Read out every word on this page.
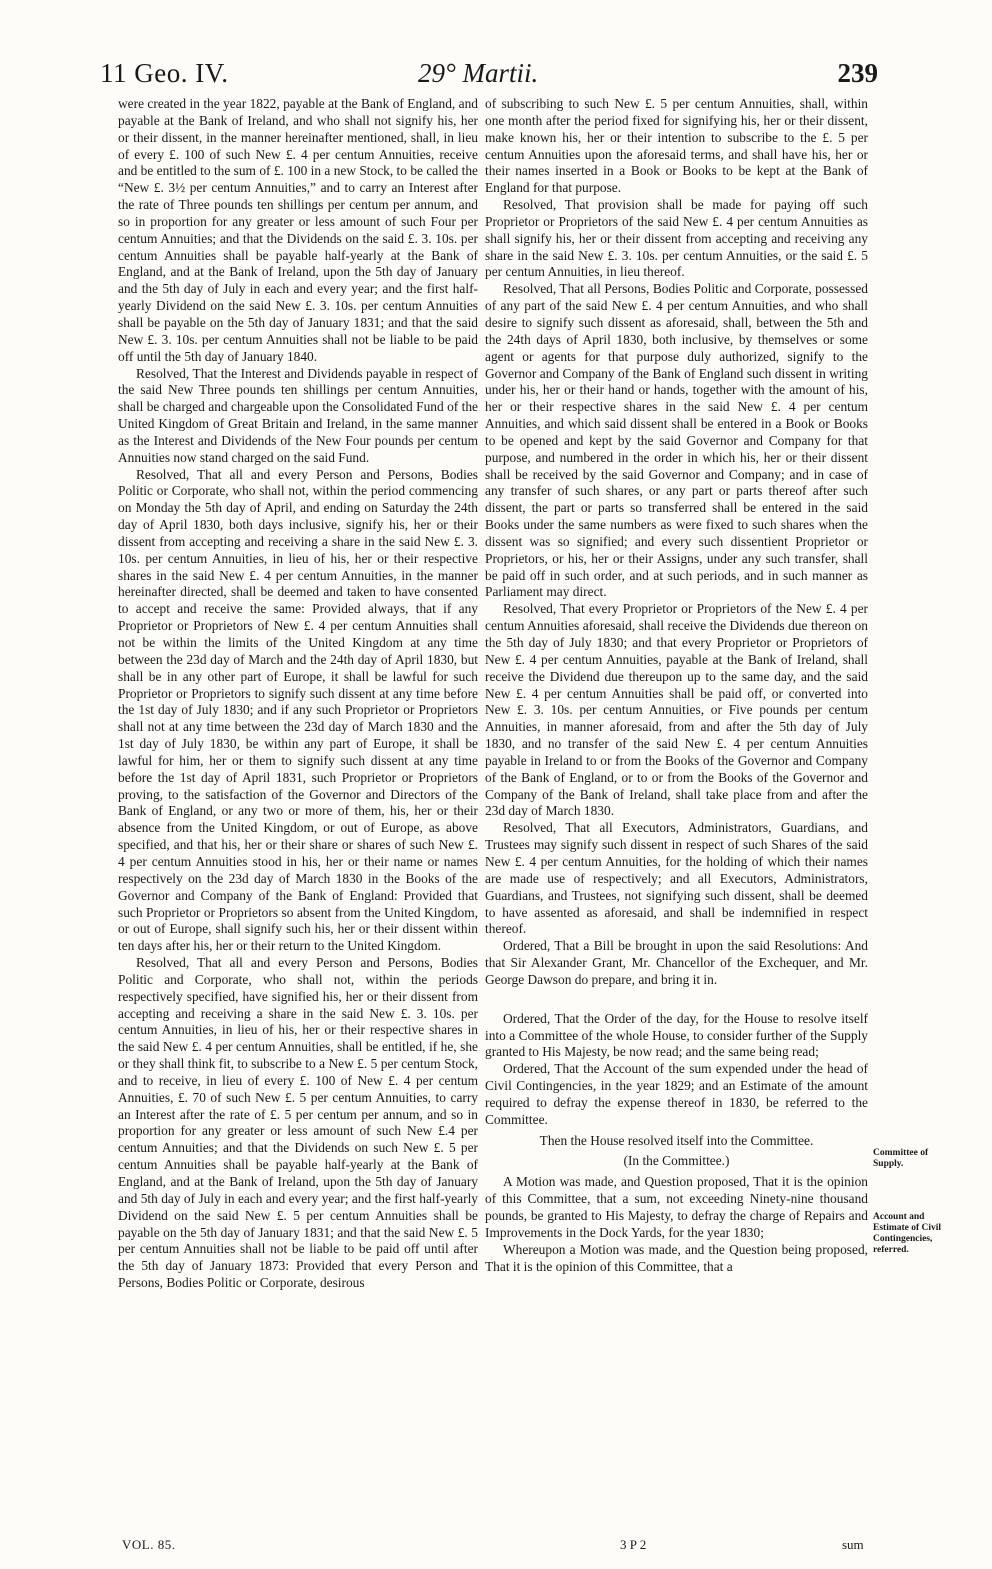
11 Geo. IV.	29° Martii.	239

were created in the year 1822, payable at the Bank of England, and payable at the Bank of Ireland, and who shall not signify his, her or their dissent, in the manner hereinafter mentioned, shall, in lieu of every £. 100 of such New £. 4 per centum Annuities, receive and be entitled to the sum of £. 100 in a new Stock, to be called the “New £. 3½ per centum Annuities,” and to carry an Interest after the rate of Three pounds ten shillings per centum per annum, and so in proportion for any greater or less amount of such Four per centum Annuities; and that the Dividends on the said £. 3. 10s. per centum Annuities shall be payable half-yearly at the Bank of England, and at the Bank of Ireland, upon the 5th day of January and the 5th day of July in each and every year; and the first half-yearly Dividend on the said New £. 3. 10s. per centum Annuities shall be payable on the 5th day of January 1831; and that the said New £. 3. 10s. per centum Annuities shall not be liable to be paid off until the 5th day of January 1840.

Resolved, That the Interest and Dividends payable in respect of the said New Three pounds ten shillings per centum Annuities, shall be charged and chargeable upon the Consolidated Fund of the United Kingdom of Great Britain and Ireland, in the same manner as the Interest and Dividends of the New Four pounds per centum Annuities now stand charged on the said Fund.

Resolved, That all and every Person and Persons, Bodies Politic or Corporate, who shall not, within the period commencing on Monday the 5th day of April, and ending on Saturday the 24th day of April 1830, both days inclusive, signify his, her or their dissent from accepting and receiving a share in the said New £. 3. 10s. per centum Annuities, in lieu of his, her or their respective shares in the said New £. 4 per centum Annuities, in the manner hereinafter directed, shall be deemed and taken to have consented to accept and receive the same: Provided always, that if any Proprietor or Proprietors of New £. 4 per centum Annuities shall not be within the limits of the United Kingdom at any time between the 23d day of March and the 24th day of April 1830, but shall be in any other part of Europe, it shall be lawful for such Proprietor or Proprietors to signify such dissent at any time before the 1st day of July 1830; and if any such Proprietor or Proprietors shall not at any time between the 23d day of March 1830 and the 1st day of July 1830, be within any part of Europe, it shall be lawful for him, her or them to signify such dissent at any time before the 1st day of April 1831, such Proprietor or Proprietors proving, to the satisfaction of the Governor and Directors of the Bank of England, or any two or more of them, his, her or their absence from the United Kingdom, or out of Europe, as above specified, and that his, her or their share or shares of such New £. 4 per centum Annuities stood in his, her or their name or names respectively on the 23d day of March 1830 in the Books of the Governor and Company of the Bank of England: Provided that such Proprietor or Proprietors so absent from the United Kingdom, or out of Europe, shall signify such his, her or their dissent within ten days after his, her or their return to the United Kingdom.

Resolved, That all and every Person and Persons, Bodies Politic and Corporate, who shall not, within the periods respectively specified, have signified his, her or their dissent from accepting and receiving a share in the said New £. 3. 10s. per centum Annuities, in lieu of his, her or their respective shares in the said New £. 4 per centum Annuities, shall be entitled, if he, she or they shall think fit, to subscribe to a New £. 5 per centum Stock, and to receive, in lieu of every £. 100 of New £. 4 per centum Annuities, £. 70 of such New £. 5 per centum Annuities, to carry an Interest after the rate of £. 5 per centum per annum, and so in proportion for any greater or less amount of such New £.4 per centum Annuities; and that the Dividends on such New £. 5 per centum Annuities shall be payable half-yearly at the Bank of England, and at the Bank of Ireland, upon the 5th day of January and 5th day of July in each and every year; and the first half-yearly Dividend on the said New £. 5 per centum Annuities shall be payable on the 5th day of January 1831; and that the said New £. 5 per centum Annuities shall not be liable to be paid off until after the 5th day of January 1873: Provided that every Person and Persons, Bodies Politic or Corporate, desirous

of subscribing to such New £. 5 per centum Annuities, shall, within one month after the period fixed for signifying his, her or their dissent, make known his, her or their intention to subscribe to the £. 5 per centum Annuities upon the aforesaid terms, and shall have his, her or their names inserted in a Book or Books to be kept at the Bank of England for that purpose.

Resolved, That provision shall be made for paying off such Proprietor or Proprietors of the said New £. 4 per centum Annuities as shall signify his, her or their dissent from accepting and receiving any share in the said New £. 3. 10s. per centum Annuities, or the said £. 5 per centum Annuities, in lieu thereof.

Resolved, That all Persons, Bodies Politic and Corporate, possessed of any part of the said New £. 4 per centum Annuities, and who shall desire to signify such dissent as aforesaid, shall, between the 5th and the 24th days of April 1830, both inclusive, by themselves or some agent or agents for that purpose duly authorized, signify to the Governor and Company of the Bank of England such dissent in writing under his, her or their hand or hands, together with the amount of his, her or their respective shares in the said New £. 4 per centum Annuities, and which said dissent shall be entered in a Book or Books to be opened and kept by the said Governor and Company for that purpose, and numbered in the order in which his, her or their dissent shall be received by the said Governor and Company; and in case of any transfer of such shares, or any part or parts thereof after such dissent, the part or parts so transferred shall be entered in the said Books under the same numbers as were fixed to such shares when the dissent was so signified; and every such dissentient Proprietor or Proprietors, or his, her or their Assigns, under any such transfer, shall be paid off in such order, and at such periods, and in such manner as Parliament may direct.

Resolved, That every Proprietor or Proprietors of the New £. 4 per centum Annuities aforesaid, shall receive the Dividends due thereon on the 5th day of July 1830; and that every Proprietor or Proprietors of New £. 4 per centum Annuities, payable at the Bank of Ireland, shall receive the Dividend due thereupon up to the same day, and the said New £. 4 per centum Annuities shall be paid off, or converted into New £. 3. 10s. per centum Annuities, or Five pounds per centum Annuities, in manner aforesaid, from and after the 5th day of July 1830, and no transfer of the said New £. 4 per centum Annuities payable in Ireland to or from the Books of the Governor and Company of the Bank of England, or to or from the Books of the Governor and Company of the Bank of Ireland, shall take place from and after the 23d day of March 1830.

Resolved, That all Executors, Administrators, Guardians, and Trustees may signify such dissent in respect of such Shares of the said New £. 4 per centum Annuities, for the holding of which their names are made use of respectively; and all Executors, Administrators, Guardians, and Trustees, not signifying such dissent, shall be deemed to have assented as aforesaid, and shall be indemnified in respect thereof.

Ordered, That a Bill be brought in upon the said Resolutions: And that Sir Alexander Grant, Mr. Chancellor of the Exchequer, and Mr. George Dawson do prepare, and bring it in.

Ordered, That the Order of the day, for the House to resolve itself into a Committee of the whole House, to consider further of the Supply granted to His Majesty, be now read; and the same being read;

Ordered, That the Account of the sum expended under the head of Civil Contingencies, in the year 1829; and an Estimate of the amount required to defray the expense thereof in 1830, be referred to the Committee.

Then the House resolved itself into the Committee.

(In the Committee.)

A Motion was made, and Question proposed, That it is the opinion of this Committee, that a sum, not exceeding Ninety-nine thousand pounds, be granted to His Majesty, to defray the charge of Repairs and Improvements in the Dock Yards, for the year 1830;

Whereupon a Motion was made, and the Question being proposed, That it is the opinion of this Committee, that a

Committee of Supply.
Account and Estimate of Civil Contingencies, referred.
VOL. 85.	3 P 2	sum
